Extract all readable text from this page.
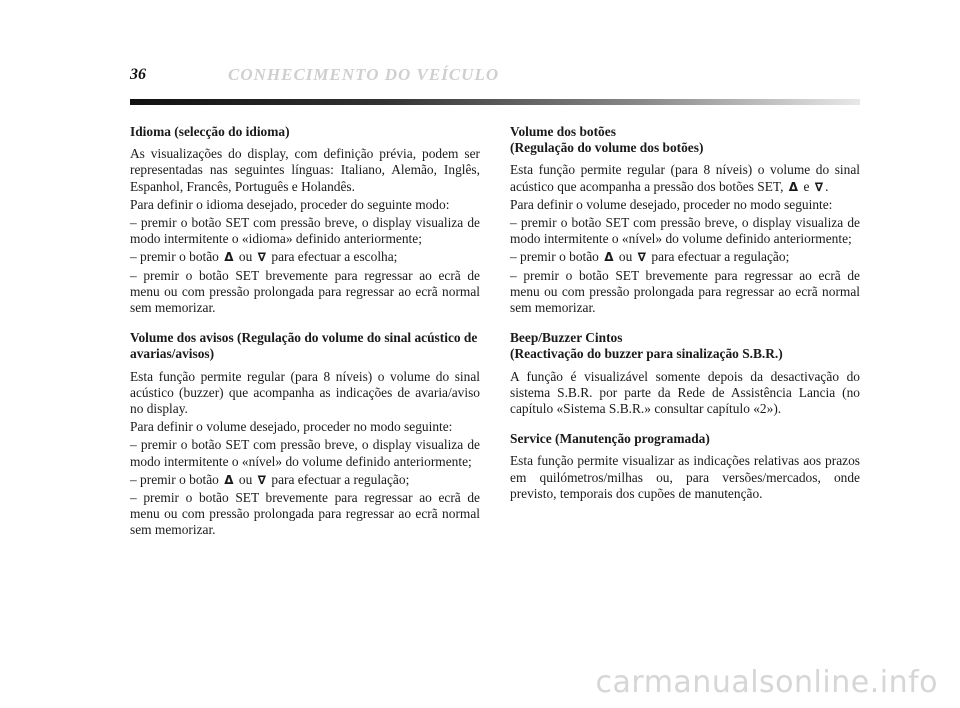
36	CONHECIMENTO DO VEÍCULO
Idioma (selecção do idioma)
As visualizações do display, com definição prévia, podem ser representadas nas seguintes línguas: Italiano, Alemão, Inglês, Espanhol, Francês, Português e Holandês.
Para definir o idioma desejado, proceder do seguinte modo:
– premir o botão SET com pressão breve, o display visualiza de modo intermitente o «idioma» definido anteriormente;
– premir o botão Δ ou ∇ para efectuar a escolha;
– premir o botão SET brevemente para regressar ao ecrã de menu ou com pressão prolongada para regressar ao ecrã normal sem memorizar.
Volume dos avisos (Regulação do volume do sinal acústico de avarias/avisos)
Esta função permite regular (para 8 níveis) o volume do sinal acústico (buzzer) que acompanha as indicações de avaria/aviso no display.
Para definir o volume desejado, proceder no modo seguinte:
– premir o botão SET com pressão breve, o display visualiza de modo intermitente o «nível» do volume definido anteriormente;
– premir o botão Δ ou ∇ para efectuar a regulação;
– premir o botão SET brevemente para regressar ao ecrã de menu ou com pressão prolongada para regressar ao ecrã normal sem memorizar.
Volume dos botões
(Regulação do volume dos botões)
Esta função permite regular (para 8 níveis) o volume do sinal acústico que acompanha a pressão dos botões SET, Δ e ∇ .
Para definir o volume desejado, proceder no modo seguinte:
– premir o botão SET com pressão breve, o display visualiza de modo intermitente o «nível» do volume definido anteriormente;
– premir o botão Δ ou ∇ para efectuar a regulação;
– premir o botão SET brevemente para regressar ao ecrã de menu ou com pressão prolongada para regressar ao ecrã normal sem memorizar.
Beep/Buzzer Cintos
(Reactivação do buzzer para sinalização S.B.R.)
A função é visualizável somente depois da desactivação do sistema S.B.R. por parte da Rede de Assistência Lancia (no capítulo «Sistema S.B.R.» consultar capítulo «2»).
Service (Manutenção programada)
Esta função permite visualizar as indicações relativas aos prazos em quilómetros/milhas ou, para versões/mercados, onde previsto, temporais dos cupões de manutenção.
carmanualsonline.info
